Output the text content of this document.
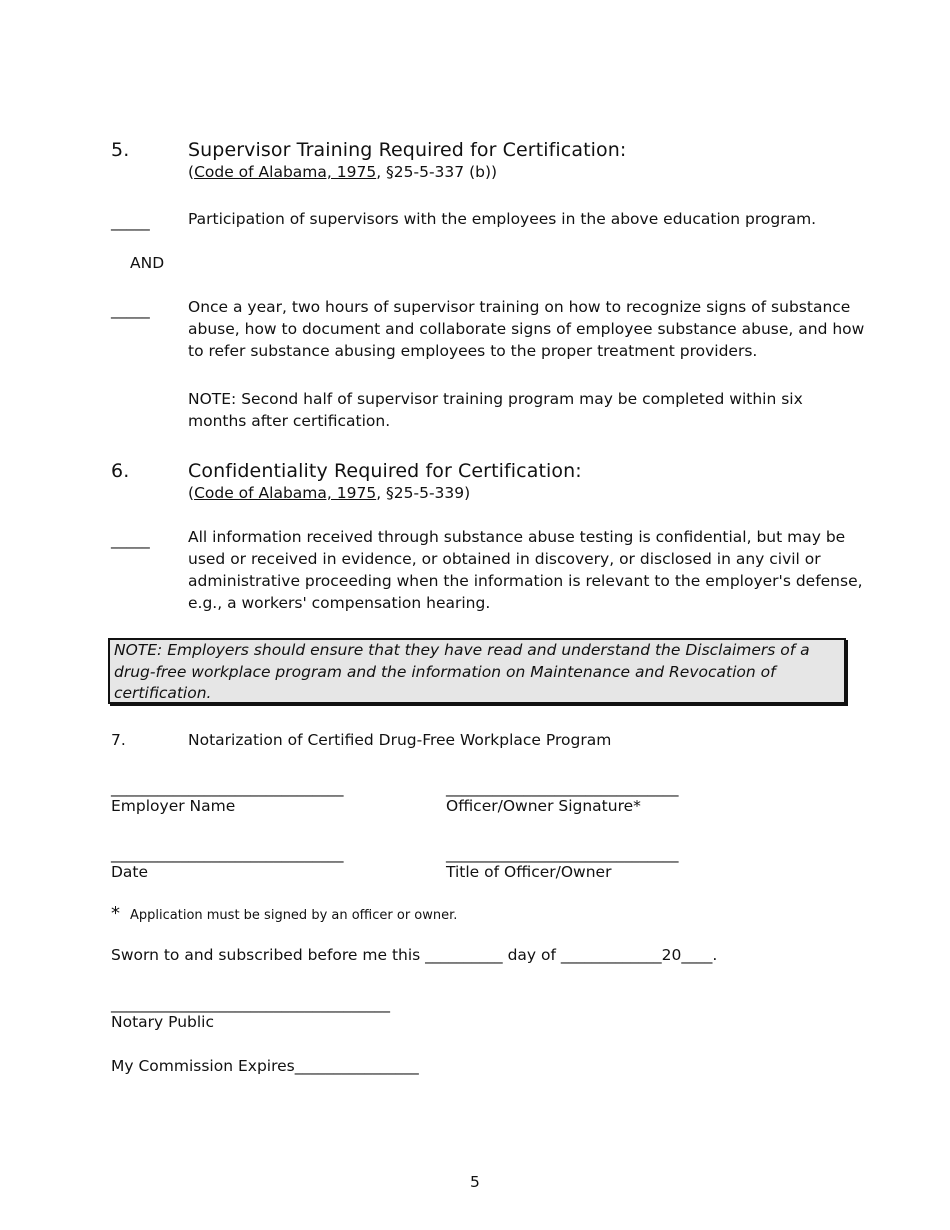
5.	Supervisor Training Required for Certification:
(Code of Alabama, 1975, §25-5-337 (b))
_____ Participation of supervisors with the employees in the above education program.
AND
_____ Once a year, two hours of supervisor training on how to recognize signs of substance
abuse, how to document and collaborate signs of employee substance abuse, and how
to refer substance abusing employees to the proper treatment providers.
NOTE: Second half of supervisor training program may be completed within six
months after certification.
6.	Confidentiality Required for Certification:
(Code of Alabama, 1975, §25-5-339)
_____ All information received through substance abuse testing is confidential, but may be
used or received in evidence, or obtained in discovery, or disclosed in any civil or
administrative proceeding when the information is relevant to the employer's defense,
e.g., a workers' compensation hearing.
NOTE: Employers should ensure that they have read and understand the Disclaimers of a
drug-free workplace program and the information on Maintenance and Revocation of
certification.
7.	Notarization of Certified Drug-Free Workplace Program
______________________________	______________________________
Employer Name	Officer/Owner Signature*
______________________________	______________________________
Date	Title of Officer/Owner
* Application must be signed by an officer or owner.
Sworn to and subscribed before me this __________ day of _____________20____.
____________________________________
Notary Public
My Commission Expires________________
5
